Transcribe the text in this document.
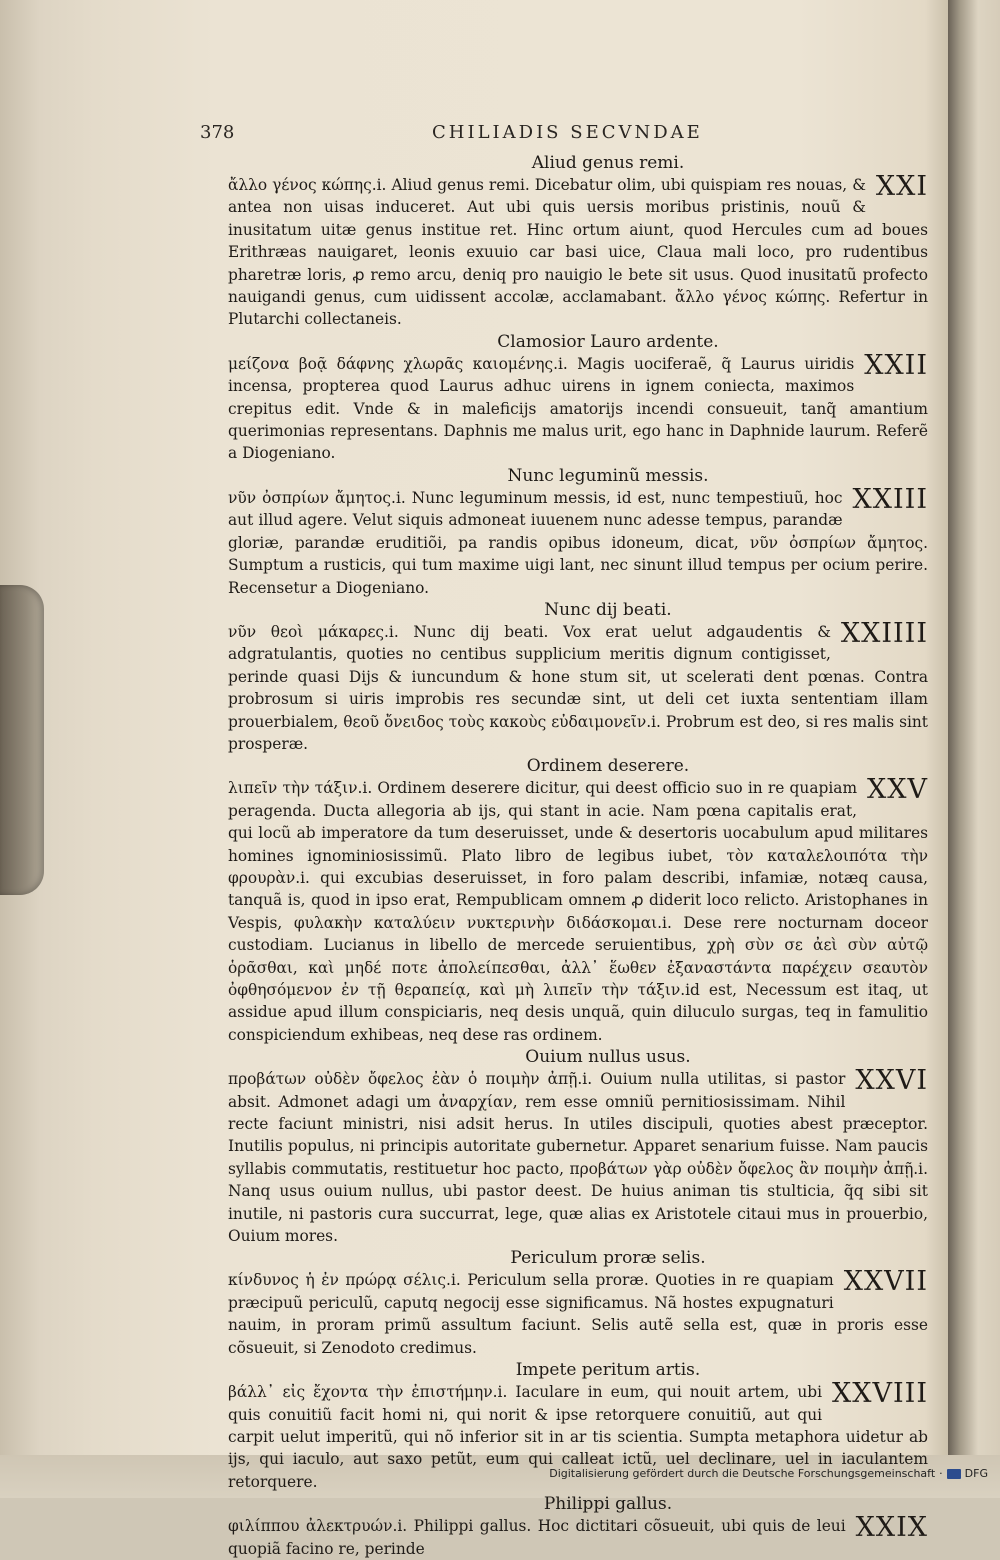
378	CHILIADIS SECVNDAE
Aliud genus remi.
XXI
ἄλλο γένος κώπης.i. Aliud genus remi. Dicebatur olim, ubi quispiam res nouas, & antea non uisas induceret. Aut ubi quis uersis moribus pristinis, nouũ & inusitatum uitæ genus institue ret. Hinc ortum aiunt, quod Hercules cum ad boues Erithræas nauigaret, leonis exuuio car basi uice, Claua mali loco, pro rudentibus pharetræ loris, ꝓ remo arcu, deniq pro nauigio le bete sit usus. Quod inusitatũ profecto nauigandi genus, cum uidissent accolæ, acclamabant. ἄλλο γένος κώπης. Refertur in Plutarchi collectaneis.
Clamosior Lauro ardente.
XXII
μείζονα βοᾷ δάφνης χλωρᾶς καιομένης.i. Magis uociferaẽ, q̃ Laurus uiridis incensa, propterea quod Laurus adhuc uirens in ignem coniecta, maximos crepitus edit. Vnde & in maleficijs amatorijs incendi consueuit, tanq̃ amantium querimonias representans. Daphnis me malus urit, ego hanc in Daphnide laurum. Referẽ a Diogeniano.
Nunc leguminũ messis.
XXIII
νῦν ὀσπρίων ἄμητος.i. Nunc leguminum messis, id est, nunc tempestiuũ, hoc aut illud agere. Velut siquis admoneat iuuenem nunc adesse tempus, parandæ gloriæ, parandæ eruditiõi, pa randis opibus idoneum, dicat, νῦν ὀσπρίων ἄμητος. Sumptum a rusticis, qui tum maxime uigi lant, nec sinunt illud tempus per ocium perire. Recensetur a Diogeniano.
Nunc dij beati.
XXIIII
νῦν θεοὶ μάκαρες.i. Nunc dij beati. Vox erat uelut adgaudentis & adgratulantis, quoties no centibus supplicium meritis dignum contigisset, perinde quasi Dijs & iuncundum & hone stum sit, ut scelerati dent pœnas. Contra probrosum si uiris improbis res secundæ sint, ut deli cet iuxta sententiam illam prouerbialem, θεοῦ ὄνειδος τοὺς κακοὺς εὐδαιμονεῖν.i. Probrum est deo, si res malis sint prosperæ.
Ordinem deserere.
XXV
λιπεῖν τὴν τάξιν.i. Ordinem deserere dicitur, qui deest officio suo in re quapiam peragenda. Ducta allegoria ab ijs, qui stant in acie. Nam pœna capitalis erat, qui locũ ab imperatore da tum deseruisset, unde & desertoris uocabulum apud militares homines ignominiosissimũ. Plato libro de legibus iubet, τὸν καταλελοιπότα τὴν φρουρὰν.i. qui excubias deseruisset, in foro palam describi, infamiæ, notæq causa, tanquã is, quod in ipso erat, Rempublicam omnem ꝓ diderit loco relicto. Aristophanes in Vespis, φυλακὴν καταλύειν νυκτερινὴν διδάσκομαι.i. Dese rere nocturnam doceor custodiam. Lucianus in libello de mercede seruientibus, χρὴ σὺν σε ἀεὶ σὺν αὐτῷ ὁρᾶσθαι, καὶ μηδέ ποτε ἀπολείπεσθαι, ἀλλ᾽ ἕωθεν ἐξαναστάντα παρέχειν σεαυτὸν ὀφθησόμενον ἐν τῇ θεραπείᾳ, καὶ μὴ λιπεῖν τὴν τάξιν.id est, Necessum est itaq, ut assidue apud illum conspiciaris, neq desis unquã, quin diluculo surgas, teq in famulitio conspiciendum exhibeas, neq dese ras ordinem.
Ouium nullus usus.
XXVI
προβάτων οὐδὲν ὄφελος ἐὰν ὁ ποιμὴν ἀπῇ.i. Ouium nulla utilitas, si pastor absit. Admonet adagi um ἀναρχίαν, rem esse omniũ pernitiosissimam. Nihil recte faciunt ministri, nisi adsit herus. In utiles discipuli, quoties abest præceptor. Inutilis populus, ni principis autoritate gubernetur. Apparet senarium fuisse. Nam paucis syllabis commutatis, restituetur hoc pacto, προβάτων γὰρ οὐδὲν ὄφελος ἂν ποιμὴν ἀπῇ.i. Nanq usus ouium nullus, ubi pastor deest. De huius animan tis stulticia, q̃q sibi sit inutile, ni pastoris cura succurrat, lege, quæ alias ex Aristotele citaui mus in prouerbio, Ouium mores.
Periculum proræ selis.
XXVII
κίνδυνος ἡ ἐν πρώρᾳ σέλις.i. Periculum sella proræ. Quoties in re quapiam præcipuũ periculũ, caputq negocij esse significamus. Nã hostes expugnaturi nauim, in proram primũ assultum faciunt. Selis autẽ sella est, quæ in proris esse cõsueuit, si Zenodoto credimus.
Impete peritum artis.
XXVIII
βάλλ᾽ εἰς ἔχοντα τὴν ἐπιστήμην.i. Iaculare in eum, qui nouit artem, ubi quis conuitiũ facit homi ni, qui norit & ipse retorquere conuitiũ, aut qui carpit uelut imperitũ, qui nõ inferior sit in ar tis scientia. Sumpta metaphora uidetur ab ijs, qui iaculo, aut saxo petũt, eum qui calleat ictũ, uel declinare, uel in iaculantem retorquere.
Philippi gallus.
XXIX
φιλίππου ἀλεκτρυών.i. Philippi gallus. Hoc dictitari cõsueuit, ubi quis de leui quopiã facino re, perinde
Digitalisierung gefördert durch die Deutsche Forschungsgemeinschaft · DFG
